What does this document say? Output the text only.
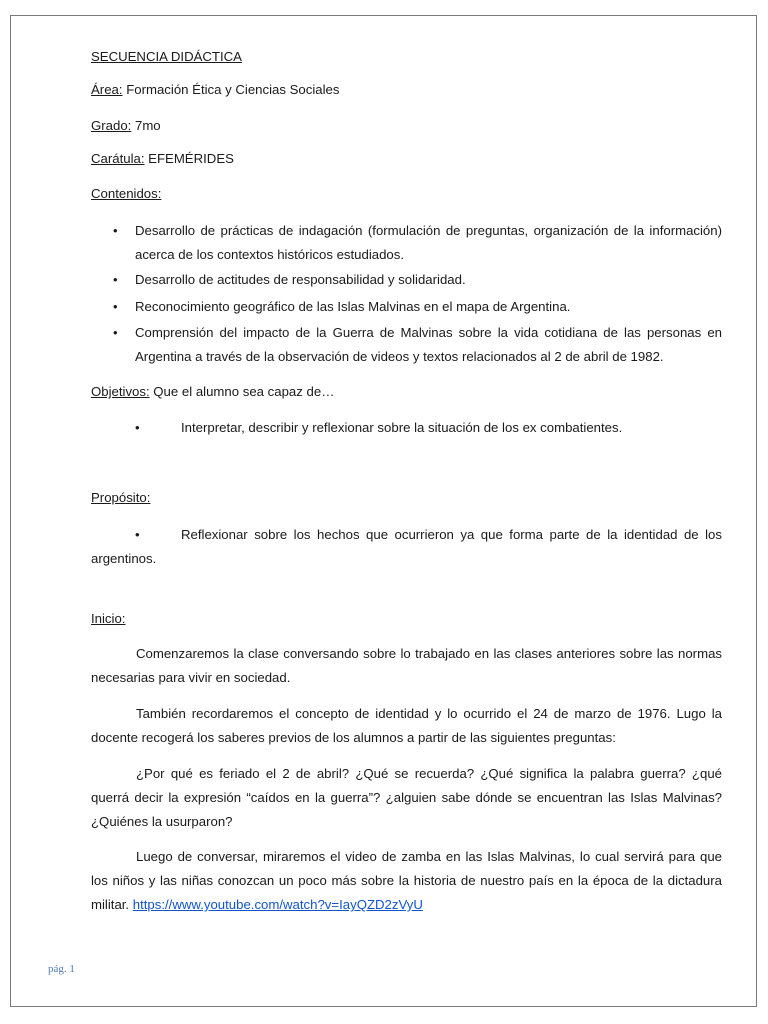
SECUENCIA DIDÁCTICA
Área: Formación Ética y Ciencias Sociales
Grado: 7mo
Carátula: EFEMÉRIDES
Contenidos:
• Desarrollo de prácticas de indagación (formulación de preguntas, organización de la información) acerca de los contextos históricos estudiados.
• Desarrollo de actitudes de responsabilidad y solidaridad.
• Reconocimiento geográfico de las Islas Malvinas en el mapa de Argentina.
• Comprensión del impacto de la Guerra de Malvinas sobre la vida cotidiana de las personas en Argentina a través de la observación de videos y textos relacionados al 2 de abril de 1982.
Objetivos: Que el alumno sea capaz de…
•	Interpretar, describir y reflexionar sobre la situación de los ex combatientes.
Propósito:
•	Reflexionar sobre los hechos que ocurrieron ya que forma parte de la identidad de los argentinos.
Inicio:
Comenzaremos la clase conversando sobre lo trabajado en las clases anteriores sobre las normas necesarias para vivir en sociedad.
También recordaremos el concepto de identidad y lo ocurrido el 24 de marzo de 1976. Lugo la docente recogerá los saberes previos de los alumnos a partir de las siguientes preguntas:
¿Por qué es feriado el 2 de abril? ¿Qué se recuerda? ¿Qué significa la palabra guerra? ¿qué querrá decir la expresión “caídos en la guerra”? ¿alguien sabe dónde se encuentran las Islas Malvinas? ¿Quiénes la usurparon?
Luego de conversar, miraremos el video de zamba en las Islas Malvinas, lo cual servirá para que los niños y las niñas conozcan un poco más sobre la historia de nuestro país en la época de la dictadura militar. https://www.youtube.com/watch?v=IayQZD2zVyU
pág. 1
